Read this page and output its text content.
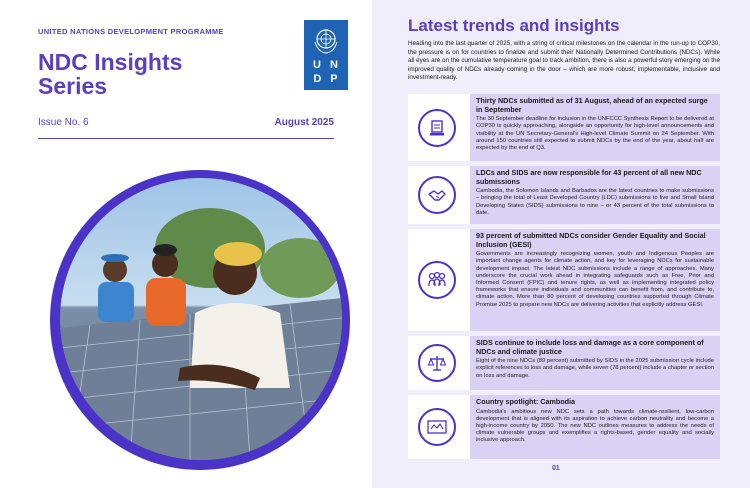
UNITED NATIONS DEVELOPMENT PROGRAMME
U N
D P
NDC Insights
Series
Issue No. 6	August 2025
Latest trends and insights
Heading into the last quarter of 2025, with a string of critical milestones on the calendar in the run-up to COP30, the pressure is on for countries to finalize and submit their Nationally Determined Contributions (NDCs). While all eyes are on the cumulative temperature goal to track ambition, there is also a powerful story emerging on the improved quality of NDCs already coming in the door – which are more robust, implementable, inclusive and investment-ready.
Thirty NDCs submitted as of 31 August, ahead of an expected surge in September

The 30 September deadline for inclusion in the UNFCCC Synthesis Report to be delivered at COP30 is quickly approaching, alongside an opportunity for high-level announcements and visibility at the UN Secretary-General's High-level Climate Summit on 24 September. With around 150 countries still expected to submit NDCs by the end of the year, about half are expected by the end of Q3.

LDCs and SIDS are now responsible for 43 percent of all new NDC submissions

Cambodia, the Solomon Islands and Barbados are the latest countries to make submissions – bringing the total of Least Developed Country (LDC) submissions to five and Small Island Developing States (SIDS) submissions to nine – or 43 percent of the total submissions to date.

93 percent of submitted NDCs consider Gender Equality and Social Inclusion (GESI)

Governments are increasingly recognizing women, youth and Indigenous Peoples are important change agents for climate action, and key for leveraging NDCs for sustainable development impact. The latest NDC submissions include a range of approaches. Many underscore the crucial work ahead in integrating safeguards such as Free, Prior and Informed Consent (FPIC) and tenure rights, as well as implementing integrated policy frameworks that ensure individuals and communities can benefit from, and contribute to, climate action. More than 80 percent of developing countries supported through Climate Promise 2025 to prepare new NDCs are delivering activities that explicitly address GESI.

SIDS continue to include loss and damage as a core component of NDCs and climate justice

Eight of the nine NDCs (89 percent) submitted by SIDS in the 2025 submission cycle include explicit references to loss and damage, while seven (78 percent) include a chapter or section on loss and damage.

Country spotlight: Cambodia

Cambodia's ambitious new NDC sets a path towards climate-resilient, low-carbon development that is aligned with its aspiration to achieve carbon neutrality and become a high-income country by 2050. The new NDC outlines measures to address the needs of climate vulnerable groups and exemplifies a rights-based, gender equality and socially inclusive approach.

01
